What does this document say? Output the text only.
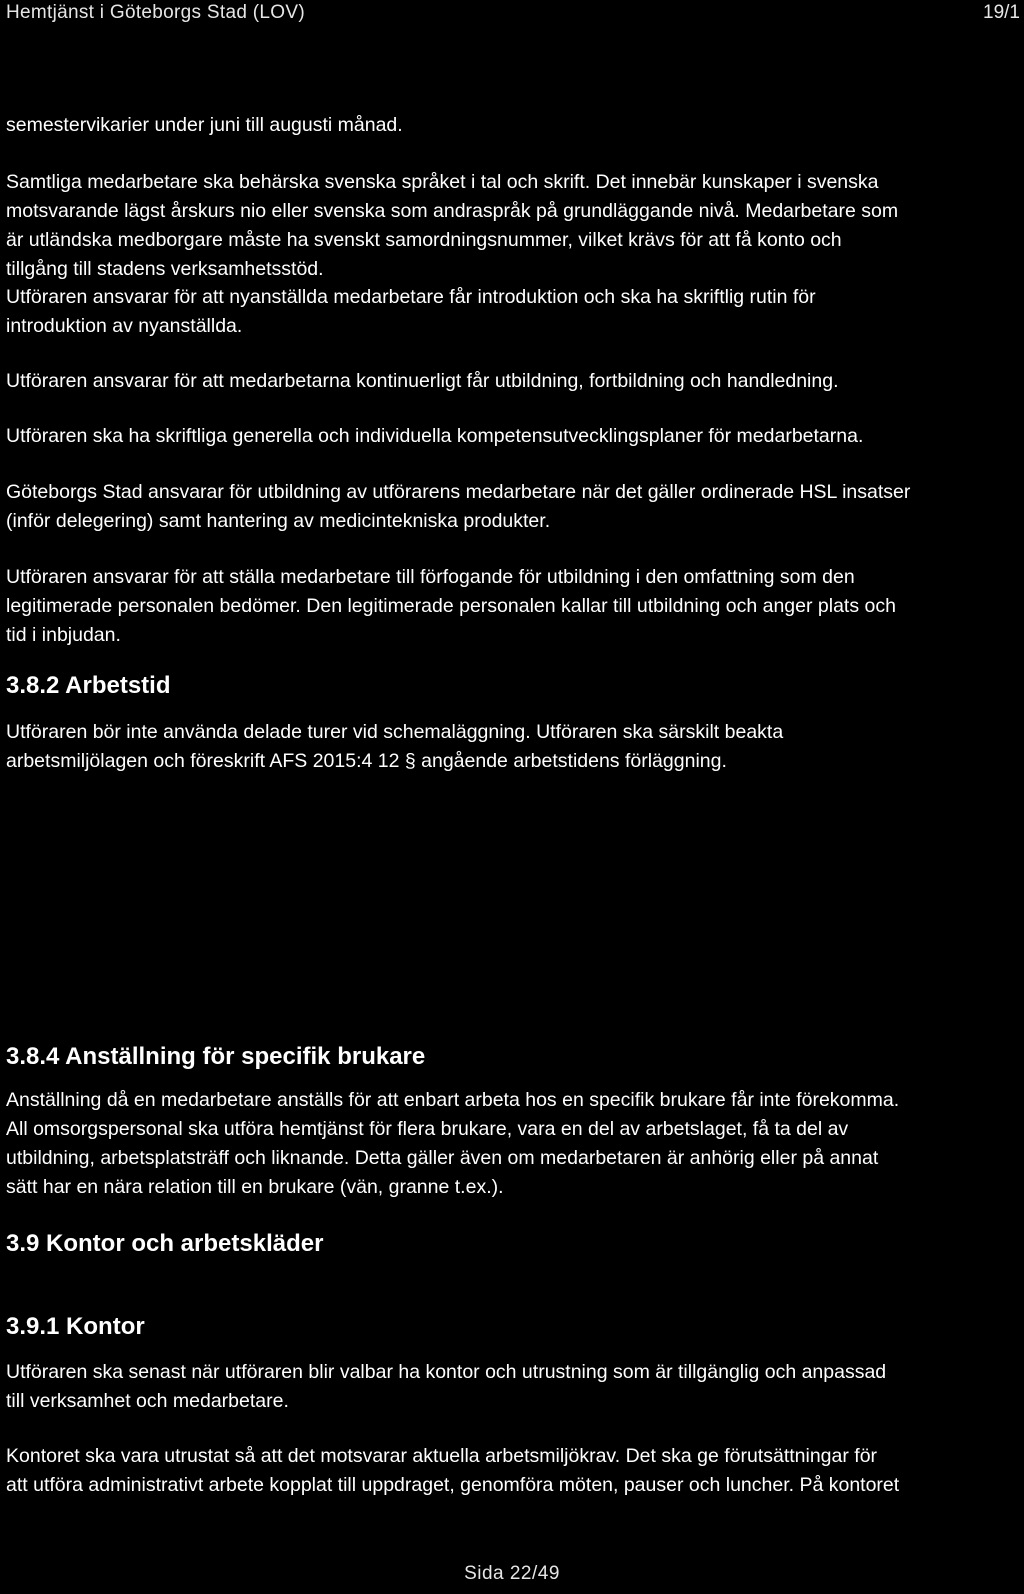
Hemtjänst i Göteborgs Stad (LOV)	19/1

semestervikarier under juni till augusti månad.

Samtliga medarbetare ska behärska svenska språket i tal och skrift. Det innebär kunskaper i svenska
motsvarande lägst årskurs nio eller svenska som andraspråk på grundläggande nivå. Medarbetare som
är utländska medborgare måste ha svenskt samordningsnummer, vilket krävs för att få konto och
tillgång till stadens verksamhetsstöd.

Utföraren ansvarar för att nyanställda medarbetare får introduktion och ska ha skriftlig rutin för
introduktion av nyanställda.

Utföraren ansvarar för att medarbetarna kontinuerligt får utbildning, fortbildning och handledning.

Utföraren ska ha skriftliga generella och individuella kompetensutvecklingsplaner för medarbetarna.

Göteborgs Stad ansvarar för utbildning av utförarens medarbetare när det gäller ordinerade HSL insatser
(inför delegering) samt hantering av medicintekniska produkter.

Utföraren ansvarar för att ställa medarbetare till förfogande för utbildning i den omfattning som den
legitimerade personalen bedömer. Den legitimerade personalen kallar till utbildning och anger plats och
tid i inbjudan.

3.8.2 Arbetstid

Utföraren bör inte använda delade turer vid schemaläggning. Utföraren ska särskilt beakta
arbetsmiljölagen och föreskrift AFS 2015:4 12 § angående arbetstidens förläggning.

3.8.4 Anställning för specifik brukare

Anställning då en medarbetare anställs för att enbart arbeta hos en specifik brukare får inte förekomma.
All omsorgspersonal ska utföra hemtjänst för flera brukare, vara en del av arbetslaget, få ta del av
utbildning, arbetsplatsträff och liknande. Detta gäller även om medarbetaren är anhörig eller på annat
sätt har en nära relation till en brukare (vän, granne t.ex.).

3.9 Kontor och arbetskläder
3.9.1 Kontor

Utföraren ska senast när utföraren blir valbar ha kontor och utrustning som är tillgänglig och anpassad
till verksamhet och medarbetare.

Kontoret ska vara utrustat så att det motsvarar aktuella arbetsmiljökrav. Det ska ge förutsättningar för
att utföra administrativt arbete kopplat till uppdraget, genomföra möten, pauser och luncher. På kontoret

Sida 22/49
